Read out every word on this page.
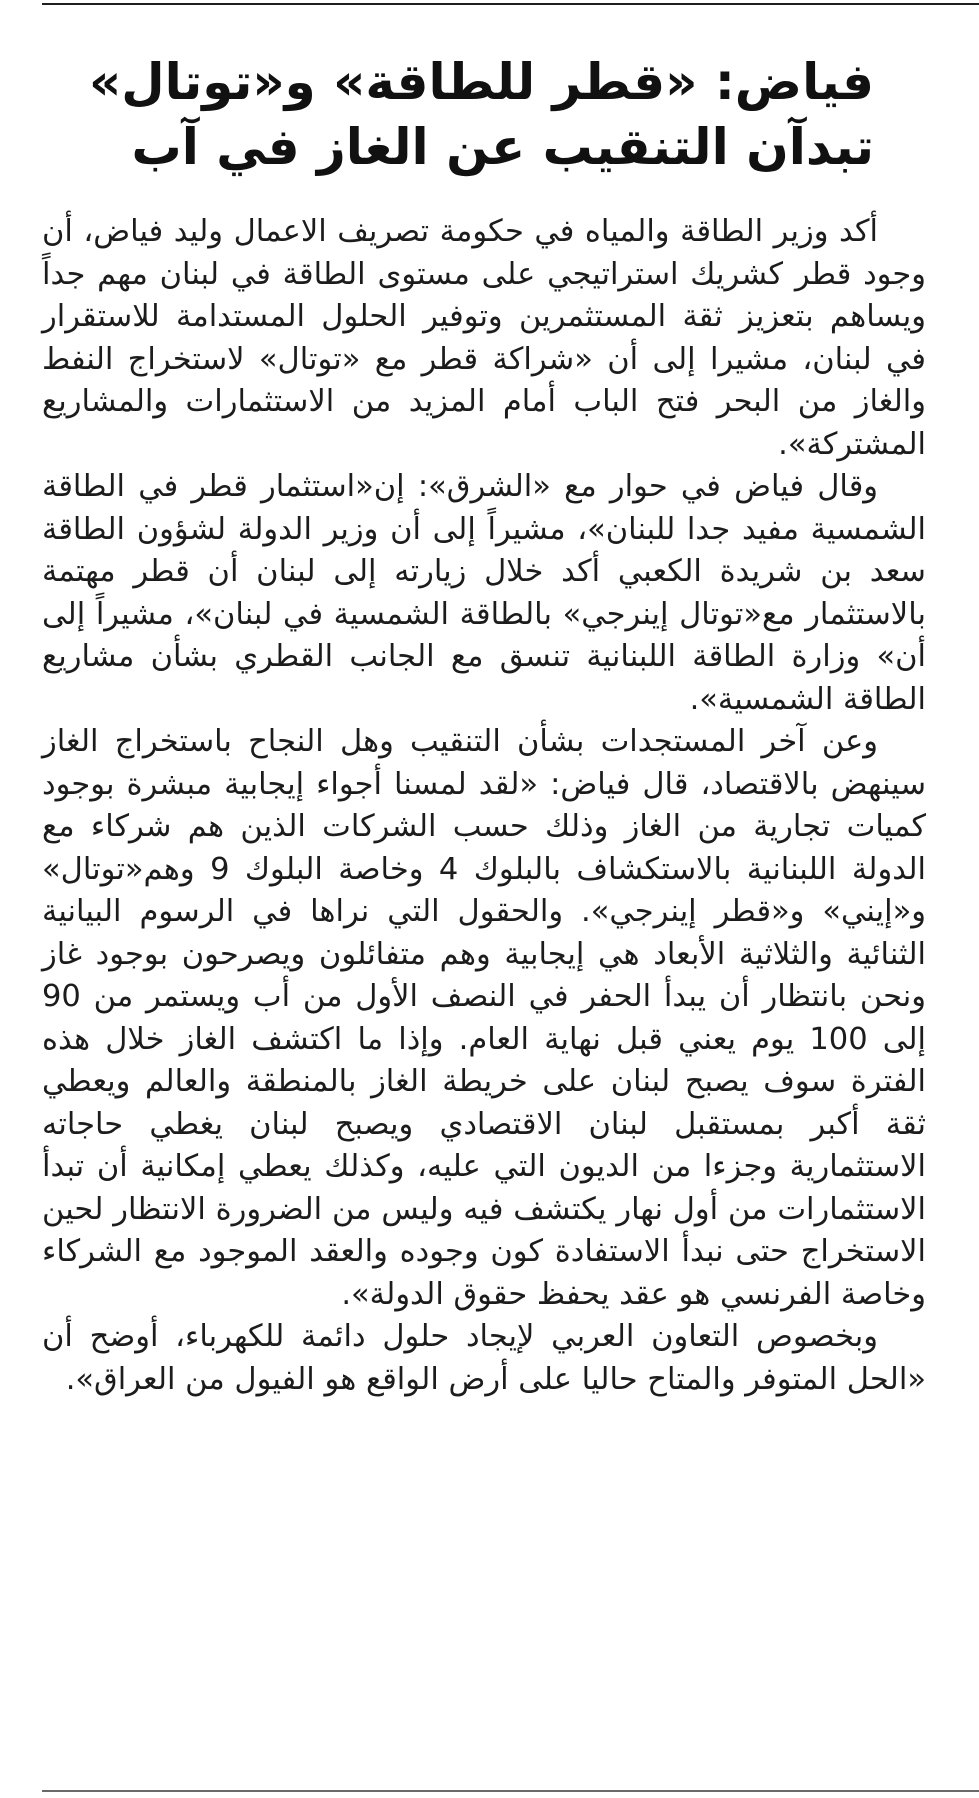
فياض: «قطر للطاقة» و«توتال»
تبدآن التنقيب عن الغاز في آب

أكد وزير الطاقة والمياه في حكومة تصريف الاعمال وليد فياض، أن وجود قطر كشريك استراتيجي على مستوى الطاقة في لبنان مهم جداً ويساهم بتعزيز ثقة المستثمرين وتوفير الحلول المستدامة للاستقرار في لبنان، مشيرا إلى أن «شراكة قطر مع «توتال» لاستخراج النفط والغاز من البحر فتح الباب أمام المزيد من الاستثمارات والمشاريع المشتركة».

وقال فياض في حوار مع «الشرق»: إن«استثمار قطر في الطاقة الشمسية مفيد جدا للبنان»، مشيراً إلى أن وزير الدولة لشؤون الطاقة سعد بن شريدة الكعبي أكد خلال زيارته إلى لبنان أن قطر مهتمة بالاستثمار مع«توتال إينرجي» بالطاقة الشمسية في لبنان»، مشيراً إلى أن» وزارة الطاقة اللبنانية تنسق مع الجانب القطري بشأن مشاريع الطاقة الشمسية».

وعن آخر المستجدات بشأن التنقيب وهل النجاح باستخراج الغاز سينهض بالاقتصاد، قال فياض: «لقد لمسنا أجواء إيجابية مبشرة بوجود كميات تجارية من الغاز وذلك حسب الشركات الذين هم شركاء مع الدولة اللبنانية بالاستكشاف بالبلوك 4 وخاصة البلوك 9 وهم«توتال» و«إيني» و«قطر إينرجي». والحقول التي نراها في الرسوم البيانية الثنائية والثلاثية الأبعاد هي إيجابية وهم متفائلون ويصرحون بوجود غاز ونحن بانتظار أن يبدأ الحفر في النصف الأول من أب ويستمر من 90 إلى 100 يوم يعني قبل نهاية العام. وإذا ما اكتشف الغاز خلال هذه الفترة سوف يصبح لبنان على خريطة الغاز بالمنطقة والعالم ويعطي ثقة أكبر بمستقبل لبنان الاقتصادي ويصبح لبنان يغطي حاجاته الاستثمارية وجزءا من الديون التي عليه، وكذلك يعطي إمكانية أن تبدأ الاستثمارات من أول نهار يكتشف فيه وليس من الضرورة الانتظار لحين الاستخراج حتى نبدأ الاستفادة كون وجوده والعقد الموجود مع الشركاء وخاصة الفرنسي هو عقد يحفظ حقوق الدولة».

وبخصوص التعاون العربي لإيجاد حلول دائمة للكهرباء، أوضح أن «الحل المتوفر والمتاح حاليا على أرض الواقع هو الفيول من العراق».
